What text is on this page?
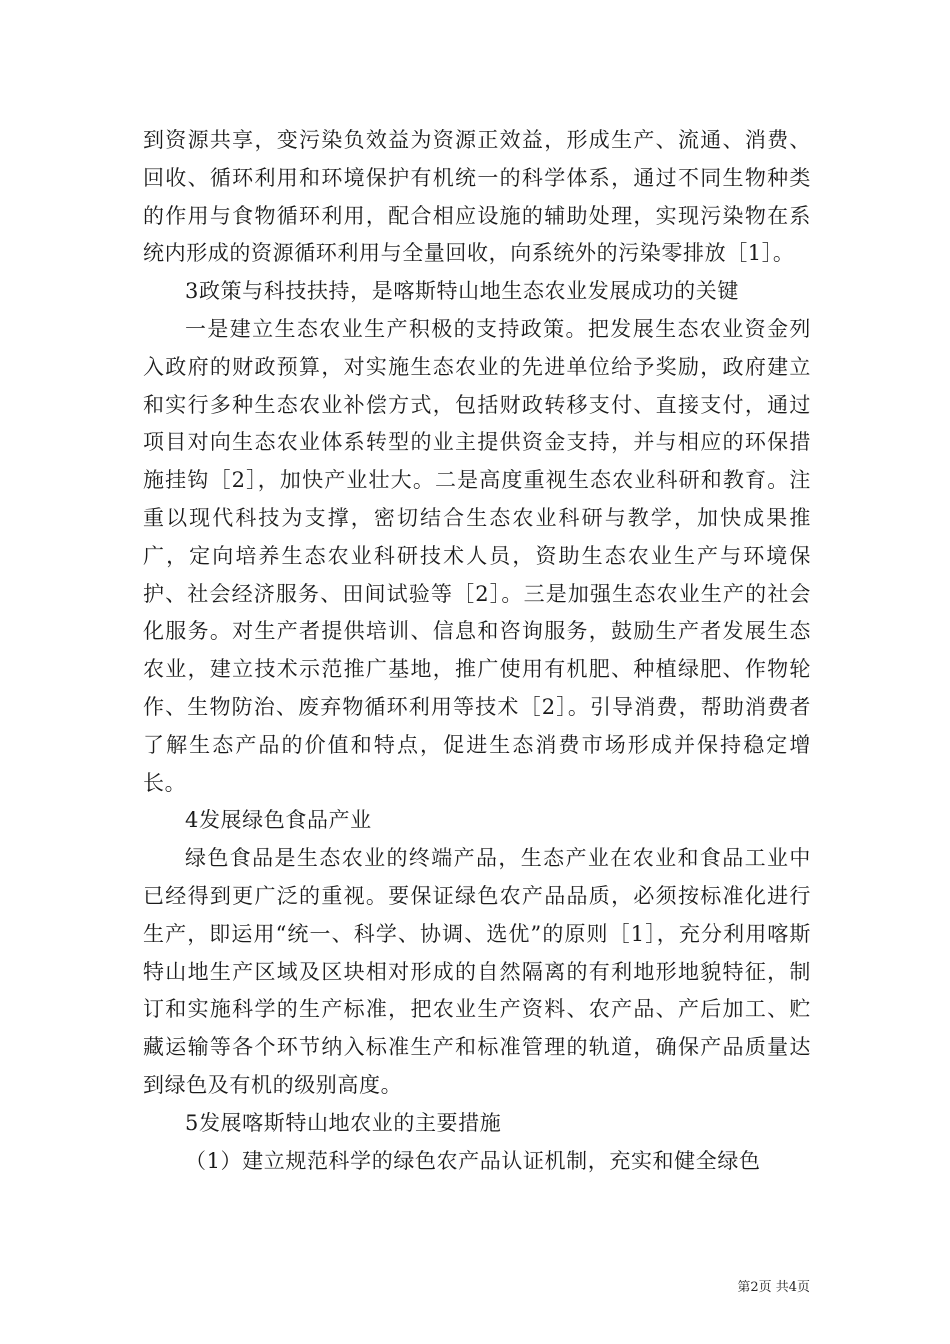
到资源共享，变污染负效益为资源正效益，形成生产、流通、消费、回收、循环利用和环境保护有机统一的科学体系，通过不同生物种类的作用与食物循环利用，配合相应设施的辅助处理，实现污染物在系统内形成的资源循环利用与全量回收，向系统外的污染零排放［1］。

3政策与科技扶持，是喀斯特山地生态农业发展成功的关键

一是建立生态农业生产积极的支持政策。把发展生态农业资金列入政府的财政预算，对实施生态农业的先进单位给予奖励，政府建立和实行多种生态农业补偿方式，包括财政转移支付、直接支付，通过项目对向生态农业体系转型的业主提供资金支持，并与相应的环保措施挂钩［2］，加快产业壮大。二是高度重视生态农业科研和教育。注重以现代科技为支撑，密切结合生态农业科研与教学，加快成果推广，定向培养生态农业科研技术人员，资助生态农业生产与环境保护、社会经济服务、田间试验等［2］。三是加强生态农业生产的社会化服务。对生产者提供培训、信息和咨询服务，鼓励生产者发展生态农业，建立技术示范推广基地，推广使用有机肥、种植绿肥、作物轮作、生物防治、废弃物循环利用等技术［2］。引导消费，帮助消费者了解生态产品的价值和特点，促进生态消费市场形成并保持稳定增长。

4发展绿色食品产业

绿色食品是生态农业的终端产品，生态产业在农业和食品工业中已经得到更广泛的重视。要保证绿色农产品品质，必须按标准化进行生产，即运用“统一、科学、协调、选优”的原则［1］，充分利用喀斯特山地生产区域及区块相对形成的自然隔离的有利地形地貌特征，制订和实施科学的生产标准，把农业生产资料、农产品、产后加工、贮藏运输等各个环节纳入标准生产和标准管理的轨道，确保产品质量达到绿色及有机的级别高度。

5发展喀斯特山地农业的主要措施

（1）建立规范科学的绿色农产品认证机制，充实和健全绿色

第2页 共4页
